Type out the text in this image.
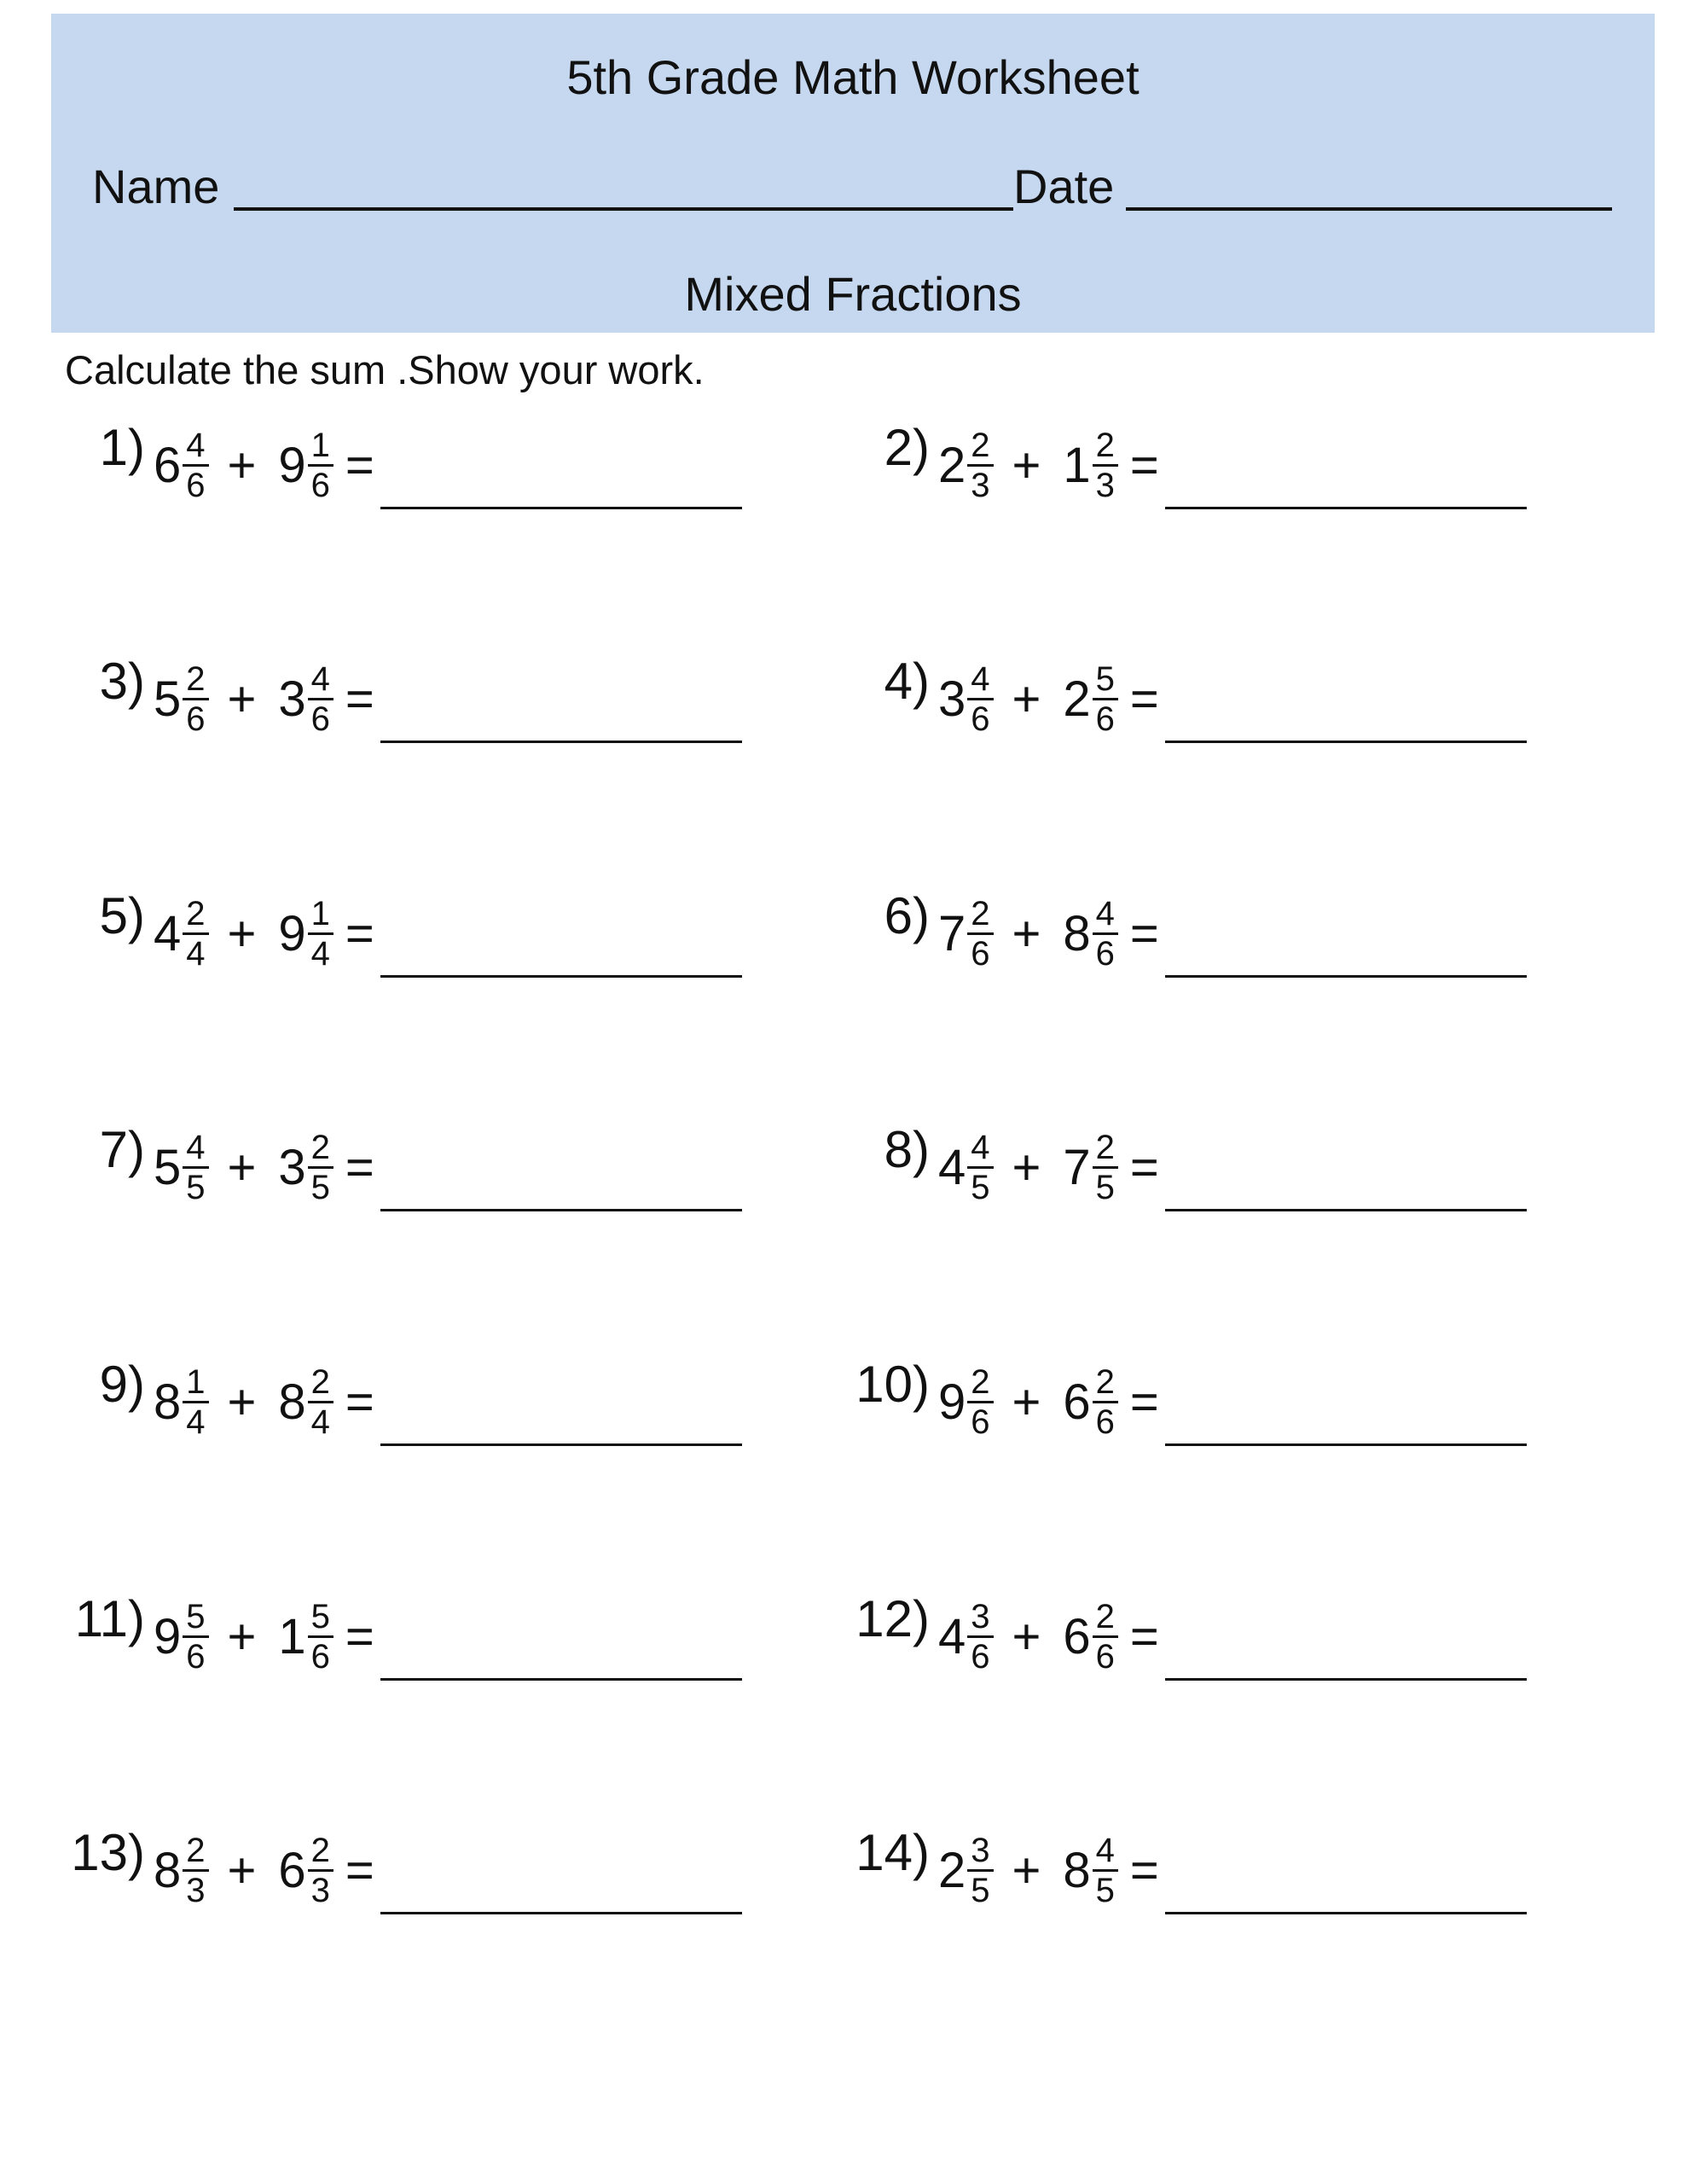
5th Grade Math Worksheet
Name	Date
Mixed Fractions
Calculate the sum .Show your work.
1) $6 \frac{4}{6} + 9 \frac{1}{6}$ =	2) $2 \frac{2}{3} + 1 \frac{2}{3}$ =
3) $5 \frac{2}{6} + 3 \frac{4}{6}$ =	4) $3 \frac{4}{6} + 2 \frac{5}{6}$ =
5) $4 \frac{2}{4} + 9 \frac{1}{4}$ =	6) $7 \frac{2}{6} + 8 \frac{4}{6}$ =
7) $5 \frac{4}{5} + 3 \frac{2}{5}$ =	8) $4 \frac{4}{5} + 7 \frac{2}{5}$ =
9) $8 \frac{1}{4} + 8 \frac{2}{4}$ =	10) $9 \frac{2}{6} + 6 \frac{2}{6}$ =
11) $9 \frac{5}{6} + 1 \frac{5}{6}$ =	12) $4 \frac{3}{6} + 6 \frac{2}{6}$ =
13) $8 \frac{2}{3} + 6 \frac{2}{3}$ =	14) $2 \frac{3}{5} + 8 \frac{4}{5}$ =
